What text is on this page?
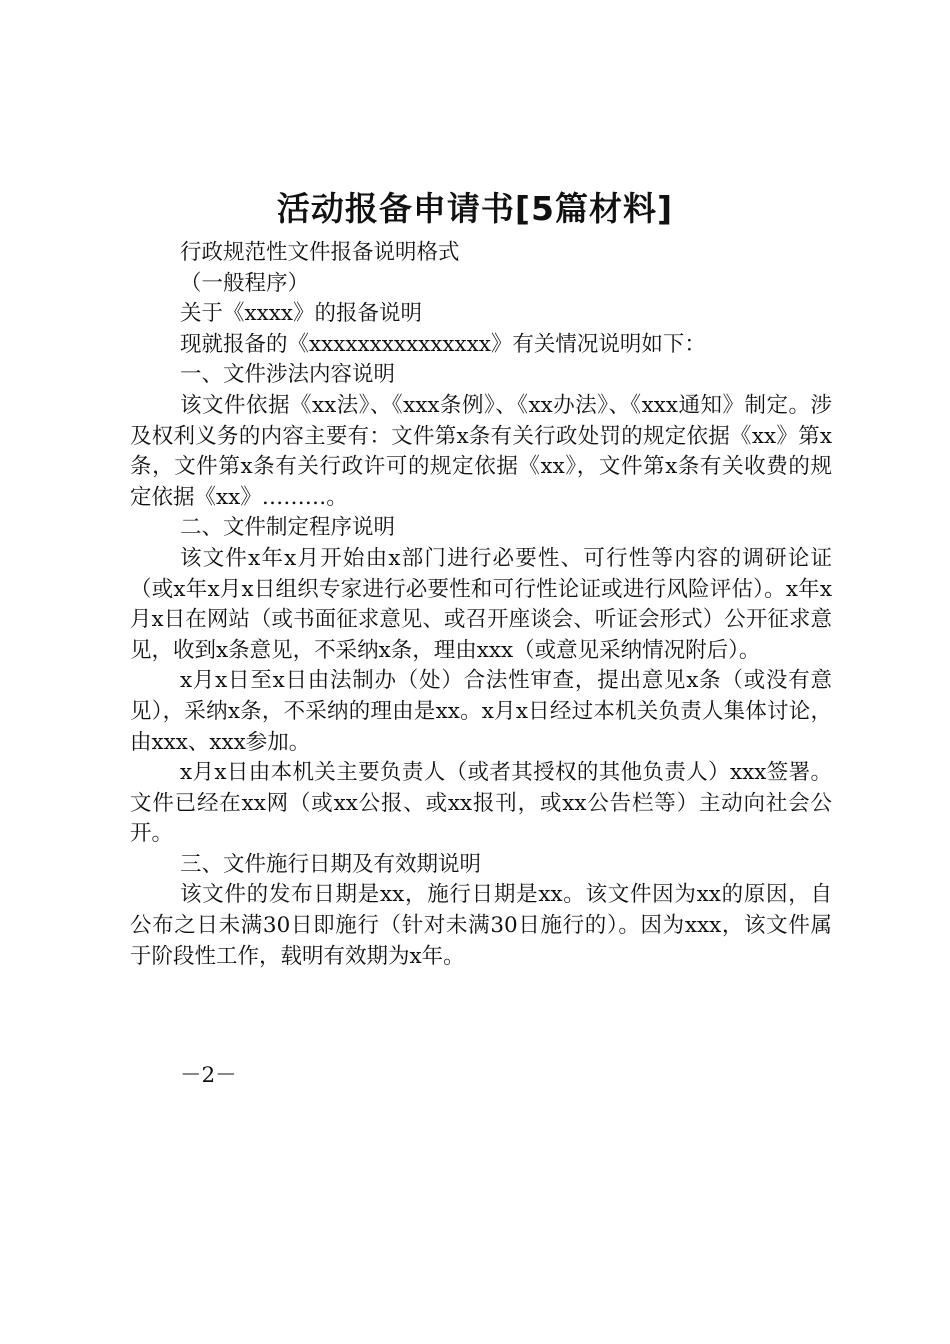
活动报备申请书[5篇材料]

行政规范性文件报备说明格式

（一般程序）

关于《xxxx》的报备说明

现就报备的《xxxxxxxxxxxxxxx》有关情况说明如下：

一、文件涉法内容说明

该文件依据《xx法》、《xxx条例》、《xx办法》、《xxx通知》制定。涉及权利义务的内容主要有：文件第x条有关行政处罚的规定依据《xx》第x条，文件第x条有关行政许可的规定依据《xx》，文件第x条有关收费的规定依据《xx》………。

二、文件制定程序说明

该文件x年x月开始由x部门进行必要性、可行性等内容的调研论证（或x年x月x日组织专家进行必要性和可行性论证或进行风险评估）。x年x月x日在网站（或书面征求意见、或召开座谈会、听证会形式）公开征求意见，收到x条意见，不采纳x条，理由xxx（或意见采纳情况附后）。

x月x日至x日由法制办（处）合法性审查，提出意见x条（或没有意见），采纳x条，不采纳的理由是xx。x月x日经过本机关负责人集体讨论，由xxx、xxx参加。

x月x日由本机关主要负责人（或者其授权的其他负责人）xxx签署。文件已经在xx网（或xx公报、或xx报刊，或xx公告栏等）主动向社会公开。

三、文件施行日期及有效期说明

该文件的发布日期是xx，施行日期是xx。该文件因为xx的原因，自公布之日未满30日即施行（针对未满30日施行的）。因为xxx，该文件属于阶段性工作，载明有效期为x年。

－2－
